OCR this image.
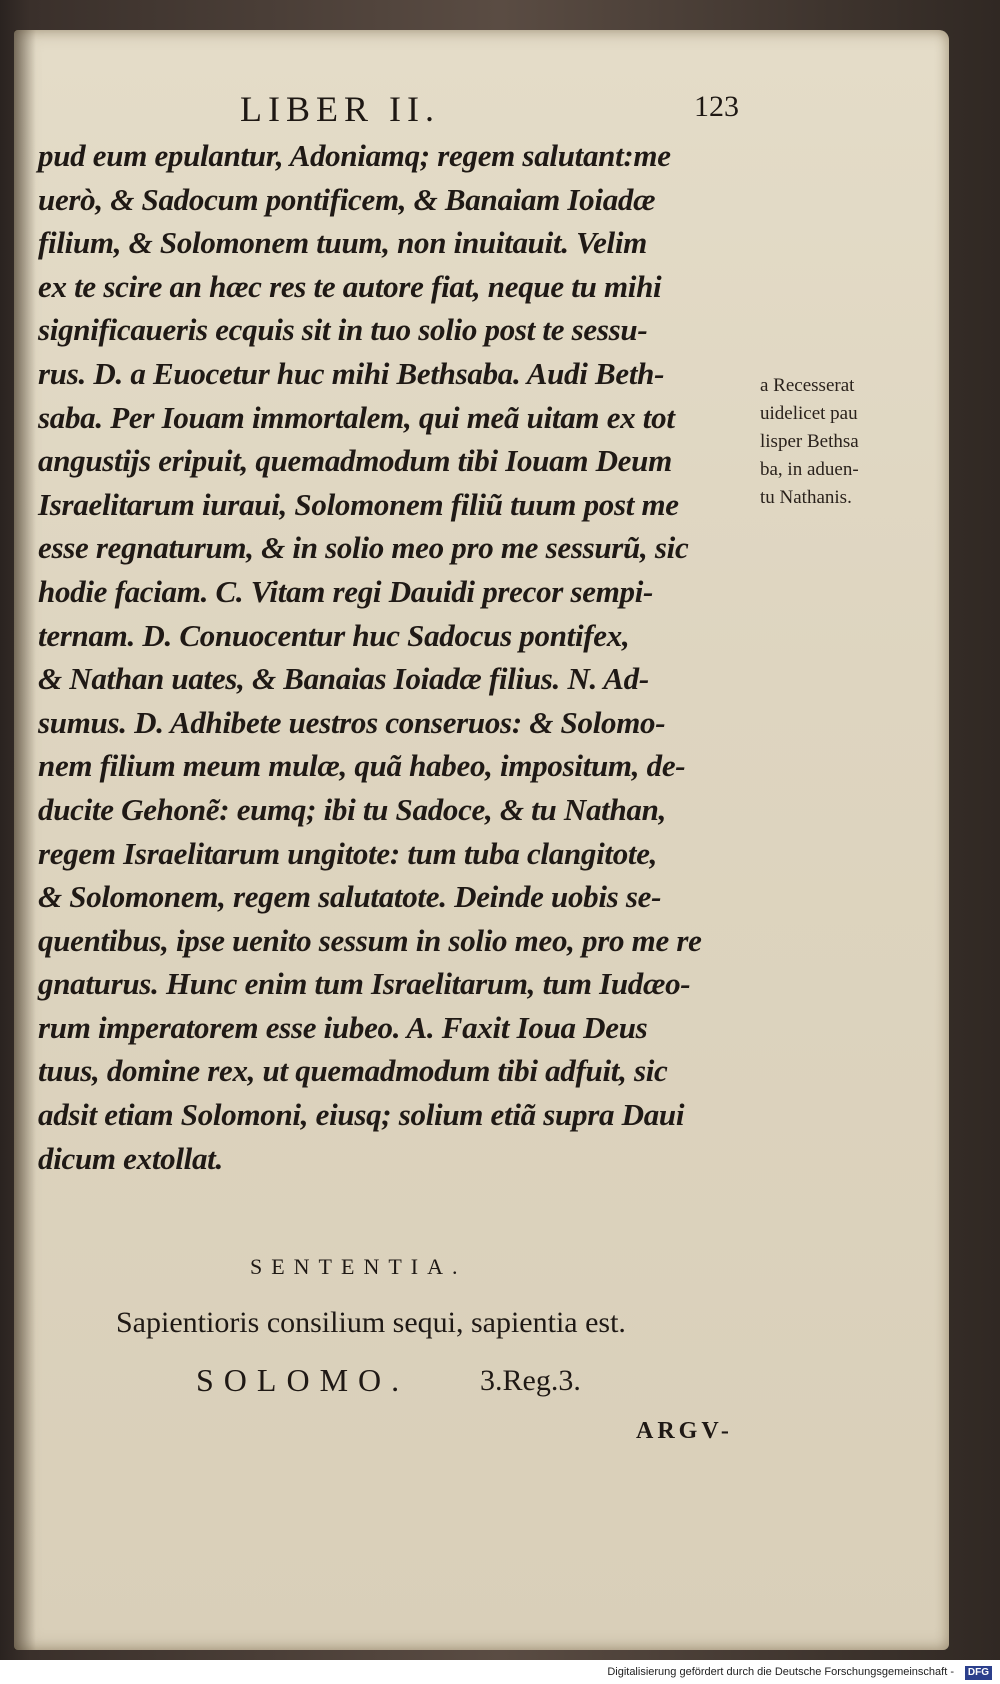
LIBER II.	123
pud eum epulantur, Adoniamq; regem salutant:me
uerò, & Sadocum pontificem, & Banaiam Ioiadæ
filium, & Solomonem tuum, non inuitauit. Velim
ex te scire an hæc res te autore fiat, neque tu mihi
significaueris ecquis sit in tuo solio post te sessu-
rus. D. a Euocetur huc mihi Bethsaba. Audi Beth-
saba. Per Iouam immortalem, qui meã uitam ex tot
angustijs eripuit, quemadmodum tibi Iouam Deum
Israelitarum iuraui, Solomonem filiũ tuum post me
esse regnaturum, & in solio meo pro me sessurũ, sic
hodie faciam. C. Vitam regi Dauidi precor sempi-
ternam. D. Conuocentur huc Sadocus pontifex,
& Nathan uates, & Banaias Ioiadæ filius. N. Ad-
sumus. D. Adhibete uestros conseruos: & Solomo-
nem filium meum mulæ, quã habeo, impositum, de-
ducite Gehonẽ: eumq; ibi tu Sadoce, & tu Nathan,
regem Israelitarum ungitote: tum tuba clangitote,
& Solomonem, regem salutatote. Deinde uobis se-
quentibus, ipse uenito sessum in solio meo, pro me re
gnaturus. Hunc enim tum Israelitarum, tum Iudæo-
rum imperatorem esse iubeo. A. Faxit Ioua Deus
tuus, domine rex, ut quemadmodum tibi adfuit, sic
adsit etiam Solomoni, eiusq; solium etiã supra Daui
dicum extollat.
a Recesserat
uidelicet pau
lisper Bethsa
ba, in aduen-
tu Nathanis.
SENTENTIA.
Sapientioris consilium sequi, sapientia est.
SOLOMO. 3.Reg.3.
ARGV-
Digitalisierung gefördert durch die Deutsche Forschungsgemeinschaft -	DFG
